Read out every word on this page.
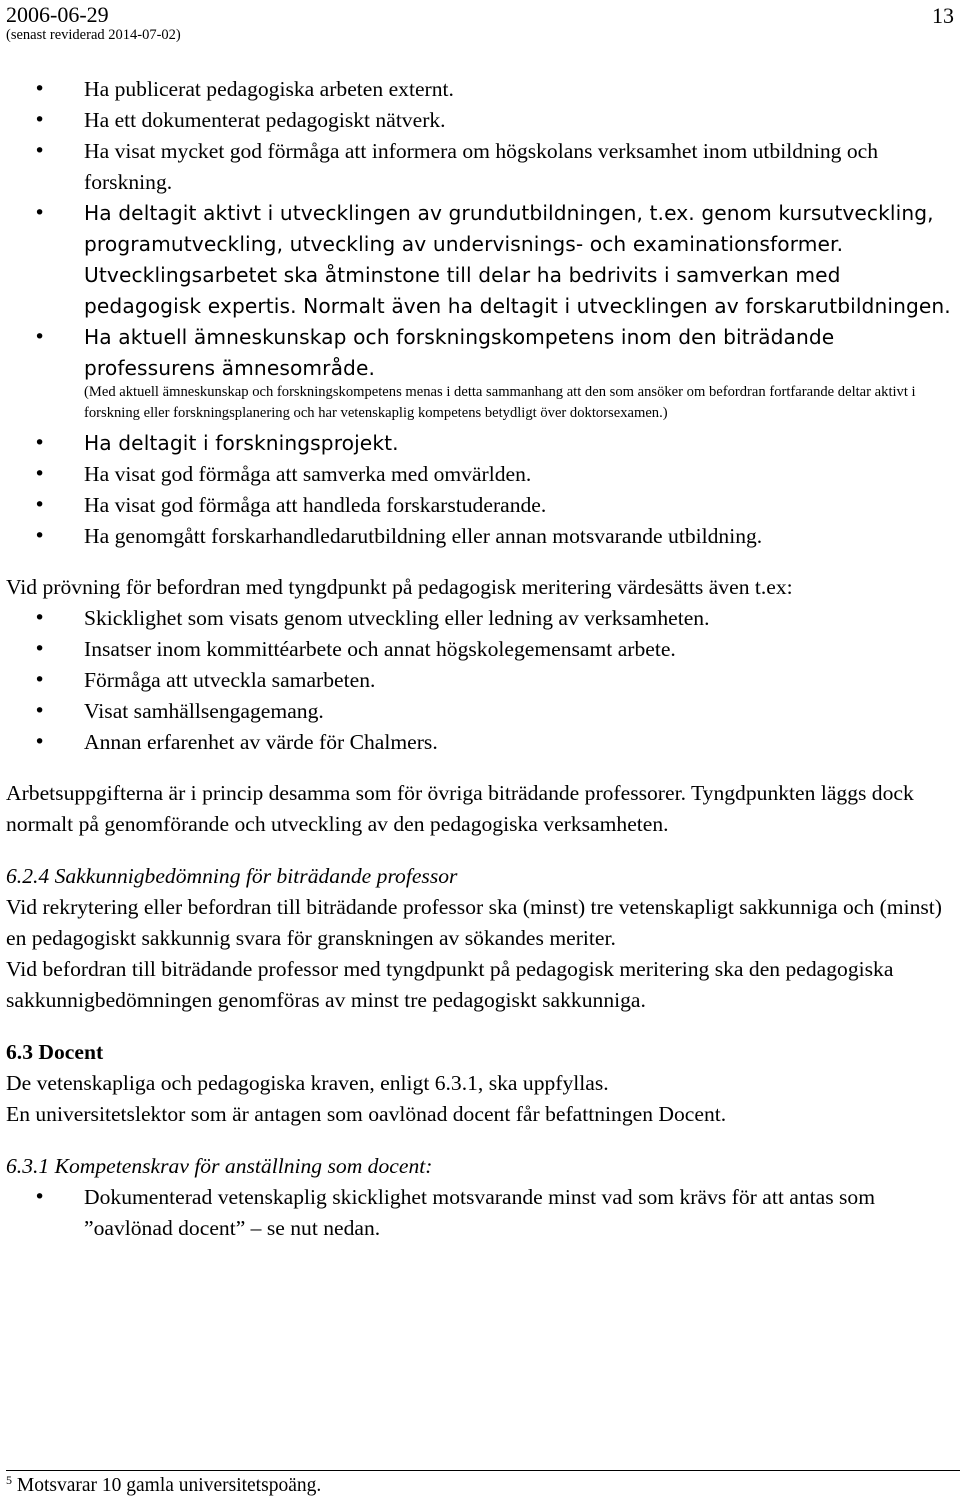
2006-06-29
(senast reviderad 2014-07-02)
13
• Ha publicerat pedagogiska arbeten externt.
• Ha ett dokumenterat pedagogiskt nätverk.
• Ha visat mycket god förmåga att informera om högskolans verksamhet inom utbildning och forskning.
• Ha deltagit aktivt i utvecklingen av grundutbildningen, t.ex. genom kursutveckling, programutveckling, utveckling av undervisnings- och examinationsformer. Utvecklingsarbetet ska åtminstone till delar ha bedrivits i samverkan med pedagogisk expertis. Normalt även ha deltagit i utvecklingen av forskarutbildningen.
• Ha aktuell ämneskunskap och forskningskompetens inom den biträdande professurens ämnesområde.
(Med aktuell ämneskunskap och forskningskompetens menas i detta sammanhang att den som ansöker om befordran fortfarande deltar aktivt i forskning eller forskningsplanering och har vetenskaplig kompetens betydligt över doktorsexamen.)
• Ha deltagit i forskningsprojekt.
• Ha visat god förmåga att samverka med omvärlden.
• Ha visat god förmåga att handleda forskarstuderande.
• Ha genomgått forskarhandledarutbildning eller annan motsvarande utbildning.

Vid prövning för befordran med tyngdpunkt på pedagogisk meritering värdesätts även t.ex:

• Skicklighet som visats genom utveckling eller ledning av verksamheten.
• Insatser inom kommittéarbete och annat högskolegemensamt arbete.
• Förmåga att utveckla samarbeten.
• Visat samhällsengagemang.
• Annan erfarenhet av värde för Chalmers.

Arbetsuppgifterna är i princip desamma som för övriga biträdande professorer. Tyngdpunkten läggs dock normalt på genomförande och utveckling av den pedagogiska verksamheten.

6.2.4 Sakkunnigbedömning för biträdande professor

Vid rekrytering eller befordran till biträdande professor ska (minst) tre vetenskapligt sakkunniga och (minst) en pedagogiskt sakkunnig svara för granskningen av sökandes meriter.

Vid befordran till biträdande professor med tyngdpunkt på pedagogisk meritering ska den pedagogiska sakkunnigbedömningen genomföras av minst tre pedagogiskt sakkunniga.

6.3 Docent

De vetenskapliga och pedagogiska kraven, enligt 6.3.1, ska uppfyllas.

En universitetslektor som är antagen som oavlönad docent får befattningen Docent.

6.3.1 Kompetenskrav för anställning som docent:

• Dokumenterad vetenskaplig skicklighet motsvarande minst vad som krävs för att antas som ”oavlönad docent” – se nut nedan.
$^5$ Motsvarar 10 gamla universitetspoäng.
